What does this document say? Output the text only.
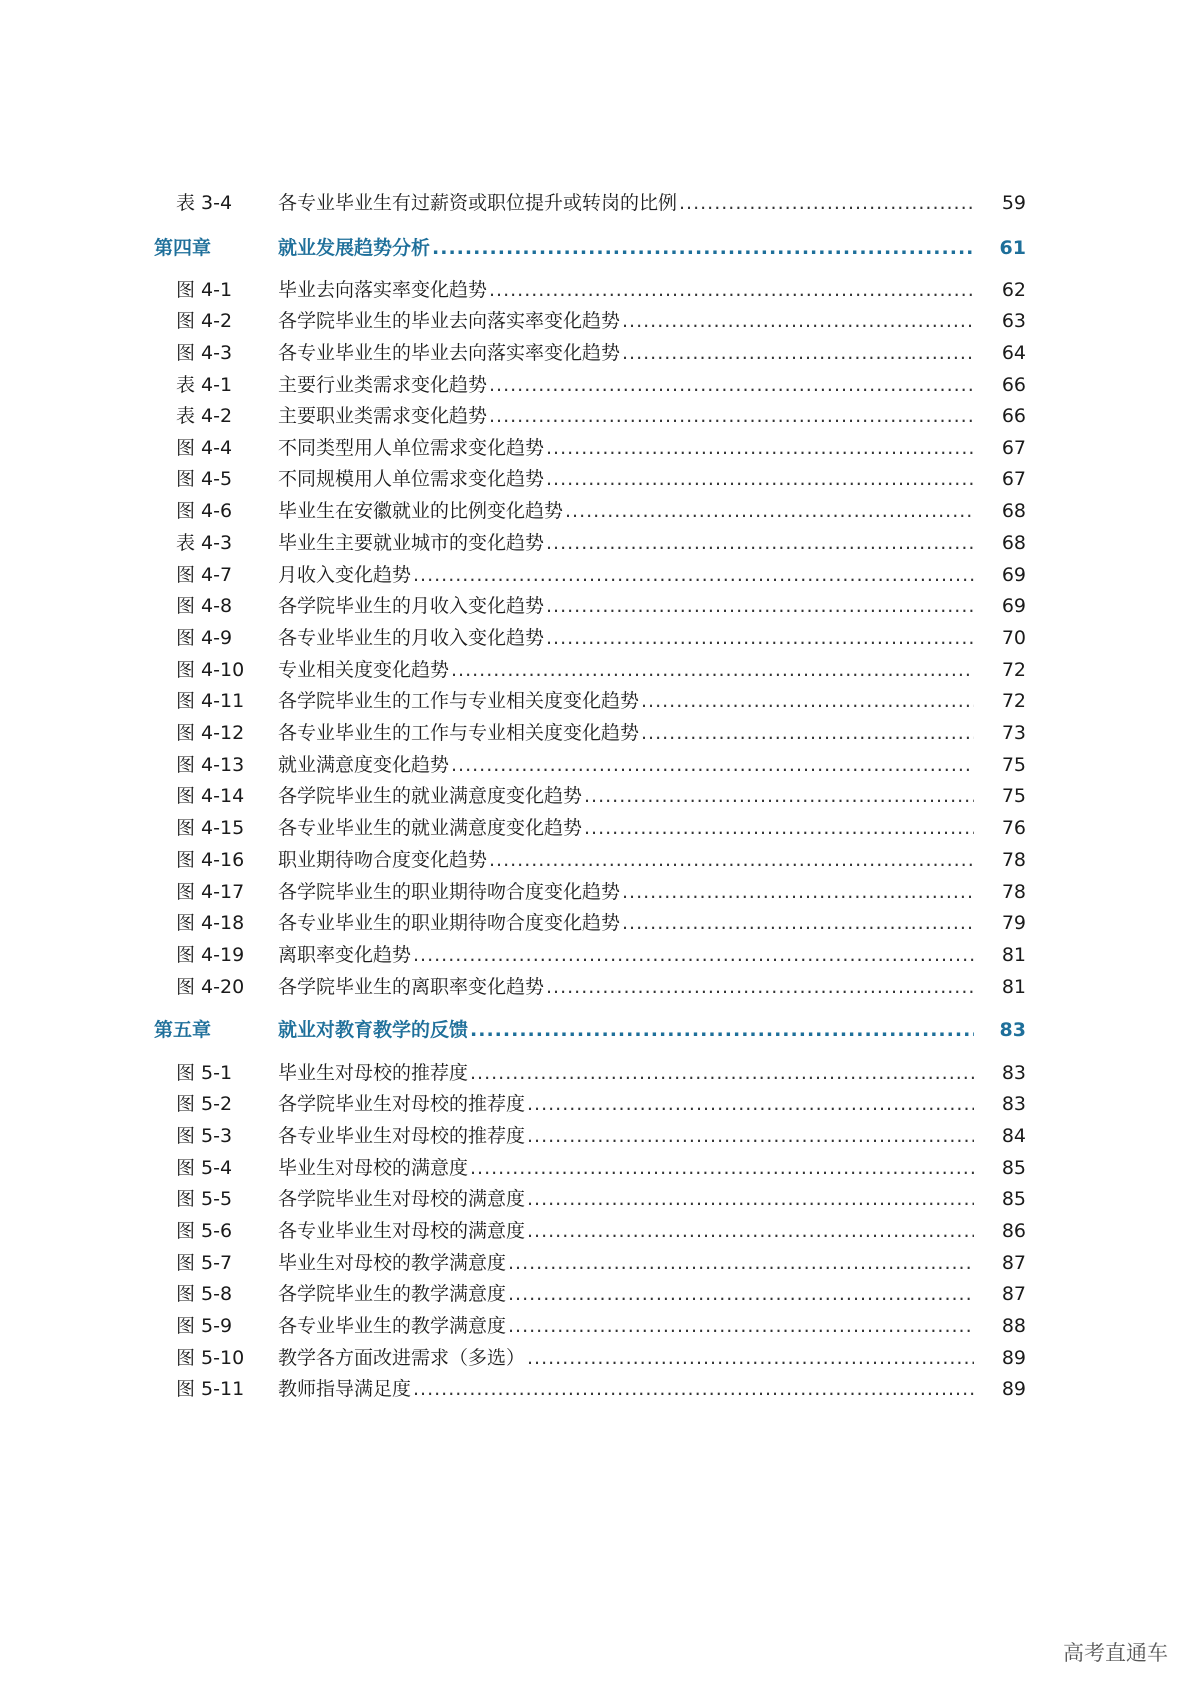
表 3-4 各专业毕业生有过薪资或职位提升或转岗的比例 .....	59
第四章	就业发展趋势分析 .....	61
图 4-1 毕业去向落实率变化趋势 .....	62
图 4-2 各学院毕业生的毕业去向落实率变化趋势 .....	63
图 4-3 各专业毕业生的毕业去向落实率变化趋势 .....	64
表 4-1 主要行业类需求变化趋势 .....	66
表 4-2 主要职业类需求变化趋势 .....	66
图 4-4 不同类型用人单位需求变化趋势 .....	67
图 4-5 不同规模用人单位需求变化趋势 .....	67
图 4-6 毕业生在安徽就业的比例变化趋势 .....	68
表 4-3 毕业生主要就业城市的变化趋势 .....	68
图 4-7 月收入变化趋势 .....	69
图 4-8 各学院毕业生的月收入变化趋势 .....	69
图 4-9 各专业毕业生的月收入变化趋势 .....	70
图 4-10 专业相关度变化趋势 .....	72
图 4-11 各学院毕业生的工作与专业相关度变化趋势 .....	72
图 4-12 各专业毕业生的工作与专业相关度变化趋势 .....	73
图 4-13 就业满意度变化趋势 .....	75
图 4-14 各学院毕业生的就业满意度变化趋势 .....	75
图 4-15 各专业毕业生的就业满意度变化趋势 .....	76
图 4-16 职业期待吻合度变化趋势 .....	78
图 4-17 各学院毕业生的职业期待吻合度变化趋势 .....	78
图 4-18 各专业毕业生的职业期待吻合度变化趋势 .....	79
图 4-19 离职率变化趋势 .....	81
图 4-20 各学院毕业生的离职率变化趋势 .....	81
第五章	就业对教育教学的反馈 .....	83
图 5-1 毕业生对母校的推荐度 .....	83
图 5-2 各学院毕业生对母校的推荐度 .....	83
图 5-3 各专业毕业生对母校的推荐度 .....	84
图 5-4 毕业生对母校的满意度 .....	85
图 5-5 各学院毕业生对母校的满意度 .....	85
图 5-6 各专业毕业生对母校的满意度 .....	86
图 5-7 毕业生对母校的教学满意度 .....	87
图 5-8 各学院毕业生的教学满意度 .....	87
图 5-9 各专业毕业生的教学满意度 .....	88
图 5-10 教学各方面改进需求（多选） .....	89
图 5-11 教师指导满足度 .....	89
高考直通车
